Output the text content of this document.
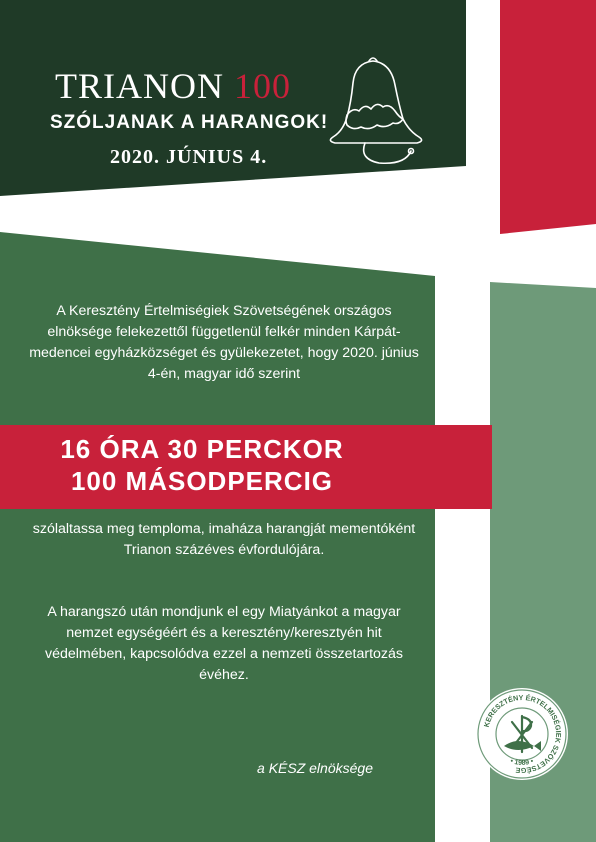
TRIANON 100
SZÓLJANAK A HARANGOK!
2020. JÚNIUS 4.
A Keresztény Értelmiségiek Szövetségének országos elnöksége felekezettől függetlenül felkér minden Kárpát-medencei egyházközséget és gyülekezetet, hogy 2020. június 4-én, magyar idő szerint
16 ÓRA 30 PERCKOR
100 MÁSODPERCIG
szólaltassa meg temploma, imaháza harangját mementóként Trianon százéves évfordulójára.
A harangszó után mondjunk el egy Miatyánkot a magyar nemzet egységéért és a keresztény/keresztyén hit védelmében, kapcsolódva ezzel a nemzeti összetartozás évéhez.
a KÉSZ elnöksége
KERESZTÉNY ÉRTELMISÉGIEK SZÖVETSÉGE
• 1989 •
